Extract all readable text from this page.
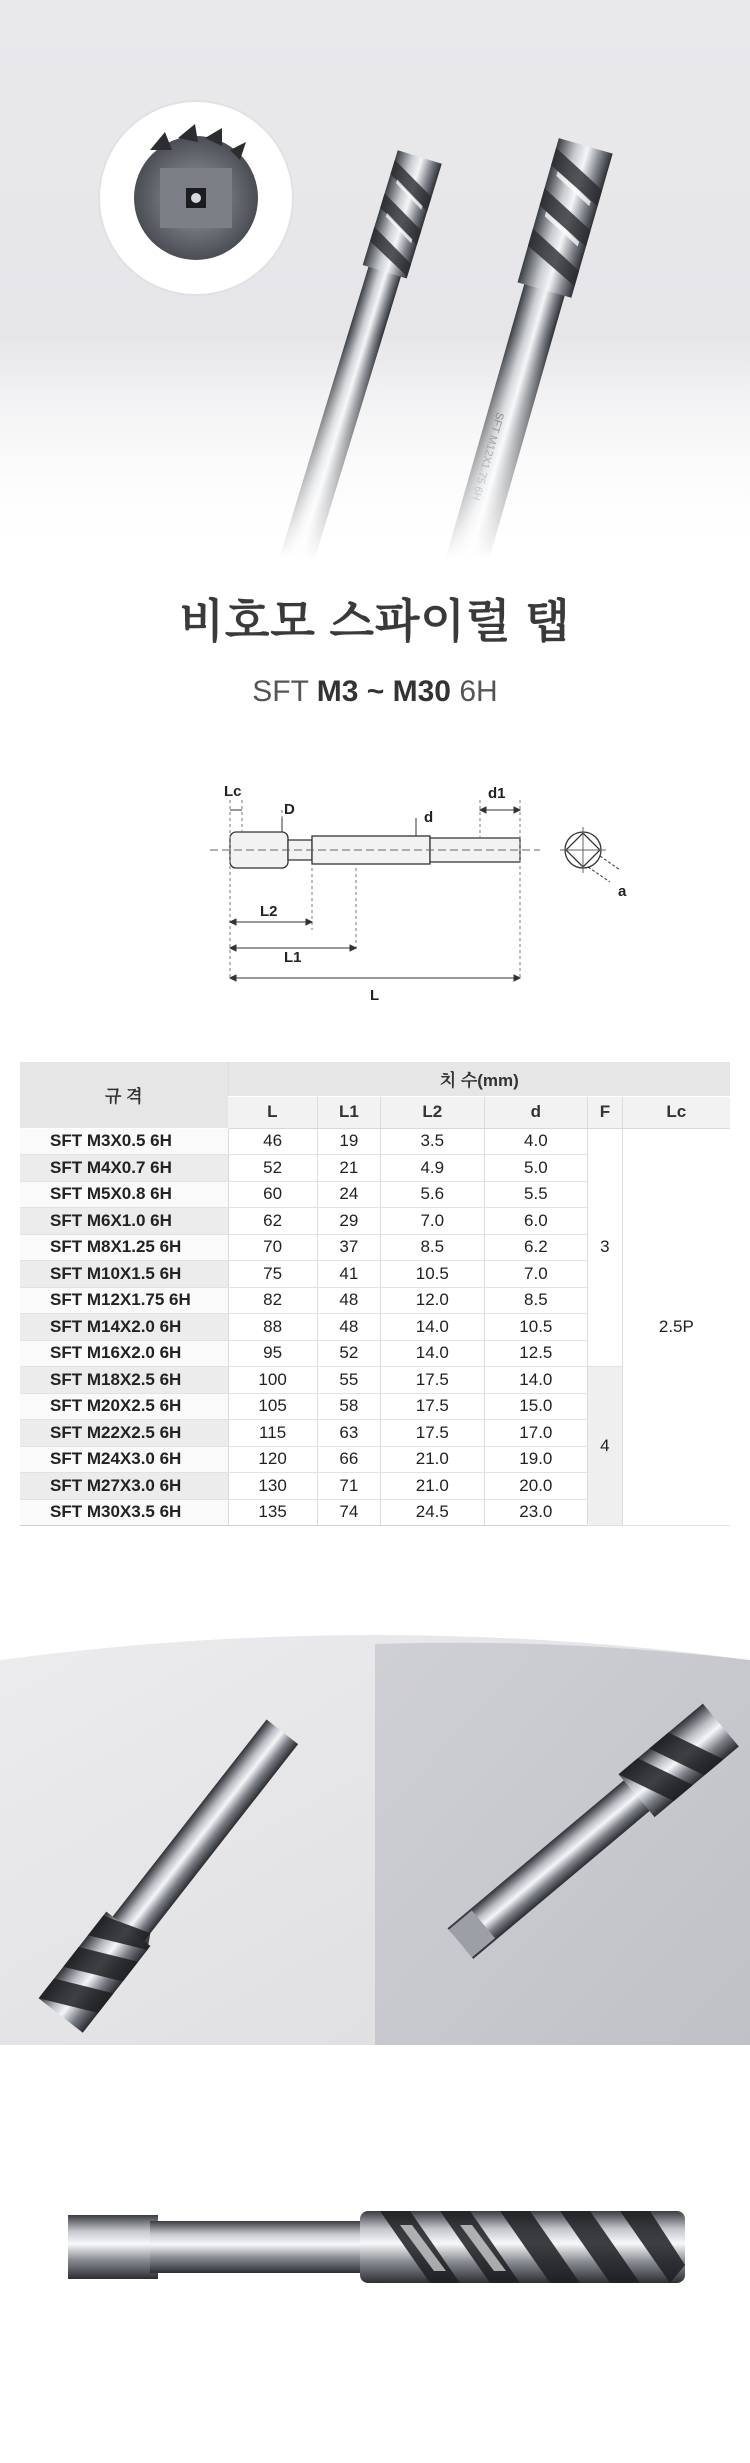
비호모 스파이럴 탭
SFT M3 ~ M30 6H
Lc
D	d
d1
L2
L1
L
a
규 격	치 수(mm)					
	L	L1	L2	d	F	Lc
SFT M3X0.5 6H	46	19	3.5	4.0	3	2.5P
SFT M4X0.7 6H	52	21	4.9	5.0		
SFT M5X0.8 6H	60	24	5.6	5.5		
SFT M6X1.0 6H	62	29	7.0	6.0		
SFT M8X1.25 6H	70	37	8.5	6.2		
SFT M10X1.5 6H	75	41	10.5	7.0		
SFT M12X1.75 6H	82	48	12.0	8.5		
SFT M14X2.0 6H	88	48	14.0	10.5		
SFT M16X2.0 6H	95	52	14.0	12.5		
SFT M18X2.5 6H	100	55	17.5	14.0	4	
SFT M20X2.5 6H	105	58	17.5	15.0		
SFT M22X2.5 6H	115	63	17.5	17.0		
SFT M24X3.0 6H	120	66	21.0	19.0		
SFT M27X3.0 6H	130	71	21.0	20.0		
SFT M30X3.5 6H	135	74	24.5	23.0		
